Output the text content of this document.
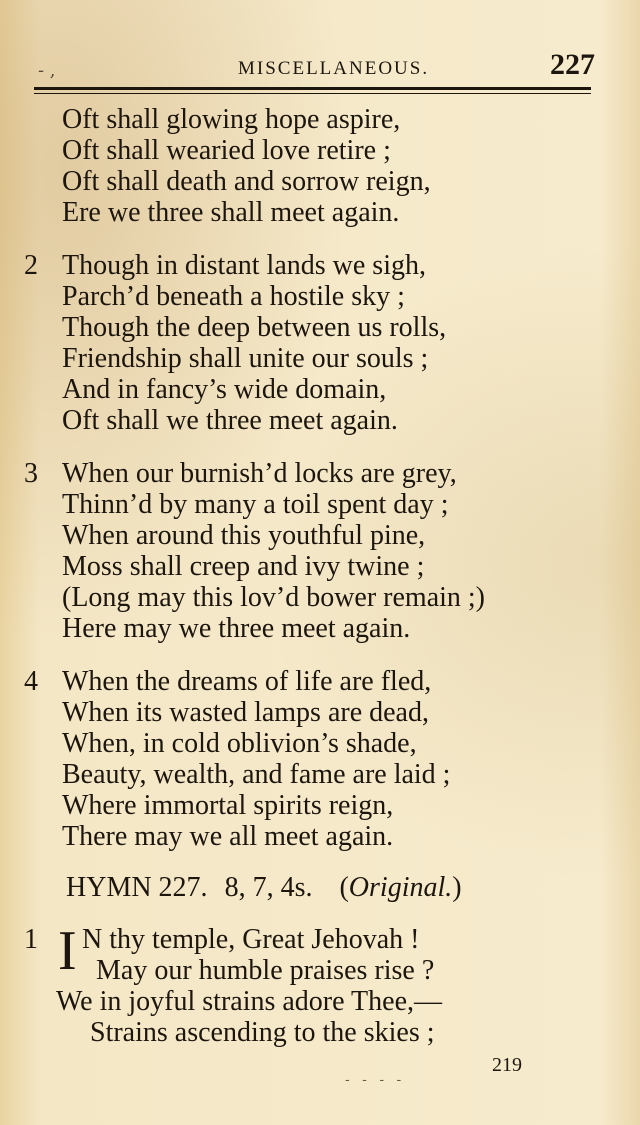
- ,	MISCELLANEOUS.	227
Oft shall glowing hope aspire,
Oft shall wearied love retire ;
Oft shall death and sorrow reign,
Ere we three shall meet again.
2 Though in distant lands we sigh,
Parch’d beneath a hostile sky ;
Though the deep between us rolls,
Friendship shall unite our souls ;
And in fancy’s wide domain,
Oft shall we three meet again.
3 When our burnish’d locks are grey,
Thinn’d by many a toil spent day ;
When around this youthful pine,
Moss shall creep and ivy twine ;
(Long may this lov’d bower remain ;)
Here may we three meet again.
4 When the dreams of life are fled,
When its wasted lamps are dead,
When, in cold oblivion’s shade,
Beauty, wealth, and fame are laid ;
Where immortal spirits reign,
There may we all meet again.
HYMN 227. 8, 7, 4s. (Original.)
1 I N thy temple, Great Jehovah !
May our humble praises rise ?
We in joyful strains adore Thee,—
Strains ascending to the skies ;
219
- - - -
